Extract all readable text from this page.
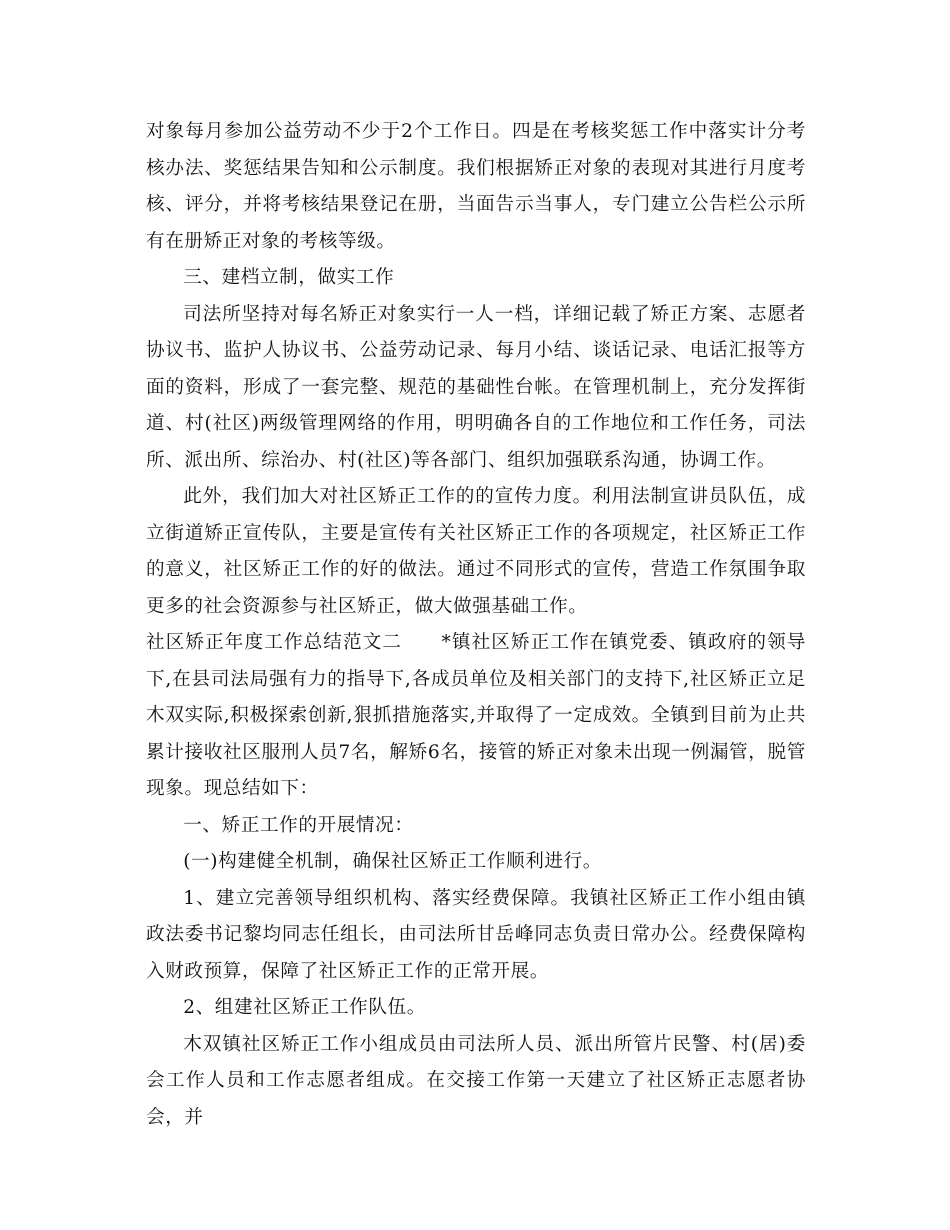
对象每月参加公益劳动不少于2个工作日。四是在考核奖惩工作中落实计分考核办法、奖惩结果告知和公示制度。我们根据矫正对象的表现对其进行月度考核、评分，并将考核结果登记在册，当面告示当事人，专门建立公告栏公示所有在册矫正对象的考核等级。

三、建档立制，做实工作

司法所坚持对每名矫正对象实行一人一档，详细记载了矫正方案、志愿者协议书、监护人协议书、公益劳动记录、每月小结、谈话记录、电话汇报等方面的资料，形成了一套完整、规范的基础性台帐。在管理机制上，充分发挥街道、村(社区)两级管理网络的作用，明明确各自的工作地位和工作任务，司法所、派出所、综治办、村(社区)等各部门、组织加强联系沟通，协调工作。

此外，我们加大对社区矫正工作的的宣传力度。利用法制宣讲员队伍，成立街道矫正宣传队，主要是宣传有关社区矫正工作的各项规定，社区矫正工作的意义，社区矫正工作的好的做法。通过不同形式的宣传，营造工作氛围争取更多的社会资源参与社区矫正，做大做强基础工作。

社区矫正年度工作总结范文二　　*镇社区矫正工作在镇党委、镇政府的领导下,在县司法局强有力的指导下,各成员单位及相关部门的支持下,社区矫正立足木双实际,积极探索创新,狠抓措施落实,并取得了一定成效。全镇到目前为止共累计接收社区服刑人员7名，解矫6名，接管的矫正对象未出现一例漏管，脱管现象。现总结如下：

一、矫正工作的开展情况：

(一)构建健全机制，确保社区矫正工作顺利进行。

1、建立完善领导组织机构、落实经费保障。我镇社区矫正工作小组由镇政法委书记黎均同志任组长，由司法所甘岳峰同志负责日常办公。经费保障构入财政预算，保障了社区矫正工作的正常开展。

2、组建社区矫正工作队伍。

木双镇社区矫正工作小组成员由司法所人员、派出所管片民警、村(居)委会工作人员和工作志愿者组成。在交接工作第一天建立了社区矫正志愿者协会，并
